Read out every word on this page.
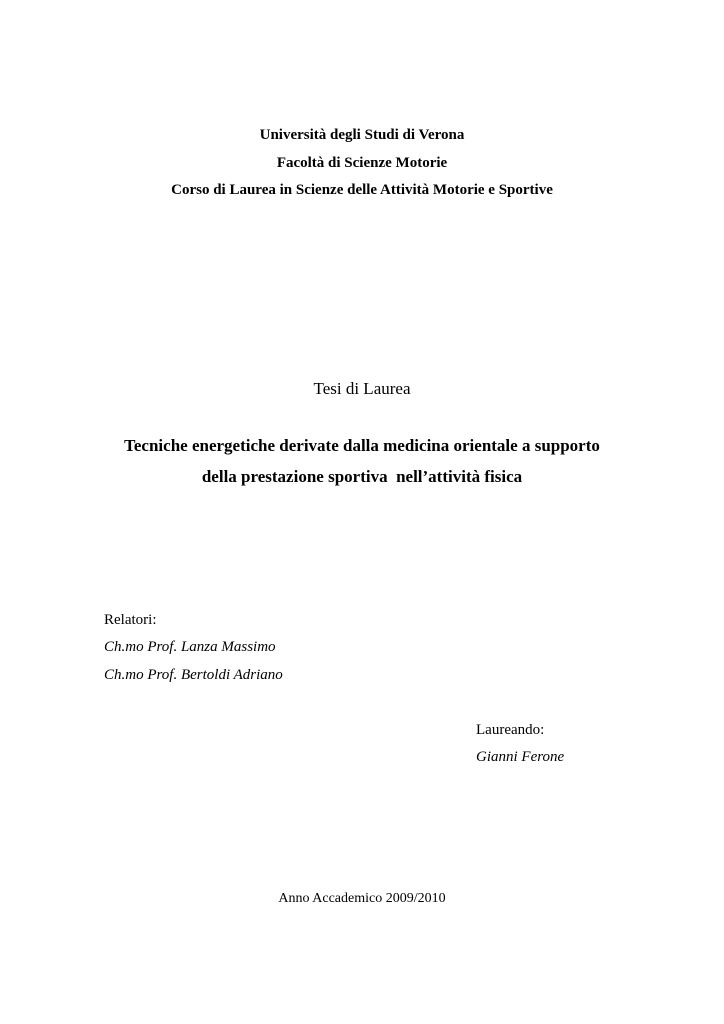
Università degli Studi di Verona
Facoltà di Scienze Motorie
Corso di Laurea in Scienze delle Attività Motorie e Sportive
Tesi di Laurea
Tecniche energetiche derivate dalla medicina orientale a supporto
della prestazione sportiva  nell’attività fisica
Relatori:
Ch.mo Prof. Lanza Massimo
Ch.mo Prof. Bertoldi Adriano
Laureando:
Gianni Ferone
Anno Accademico 2009/2010
